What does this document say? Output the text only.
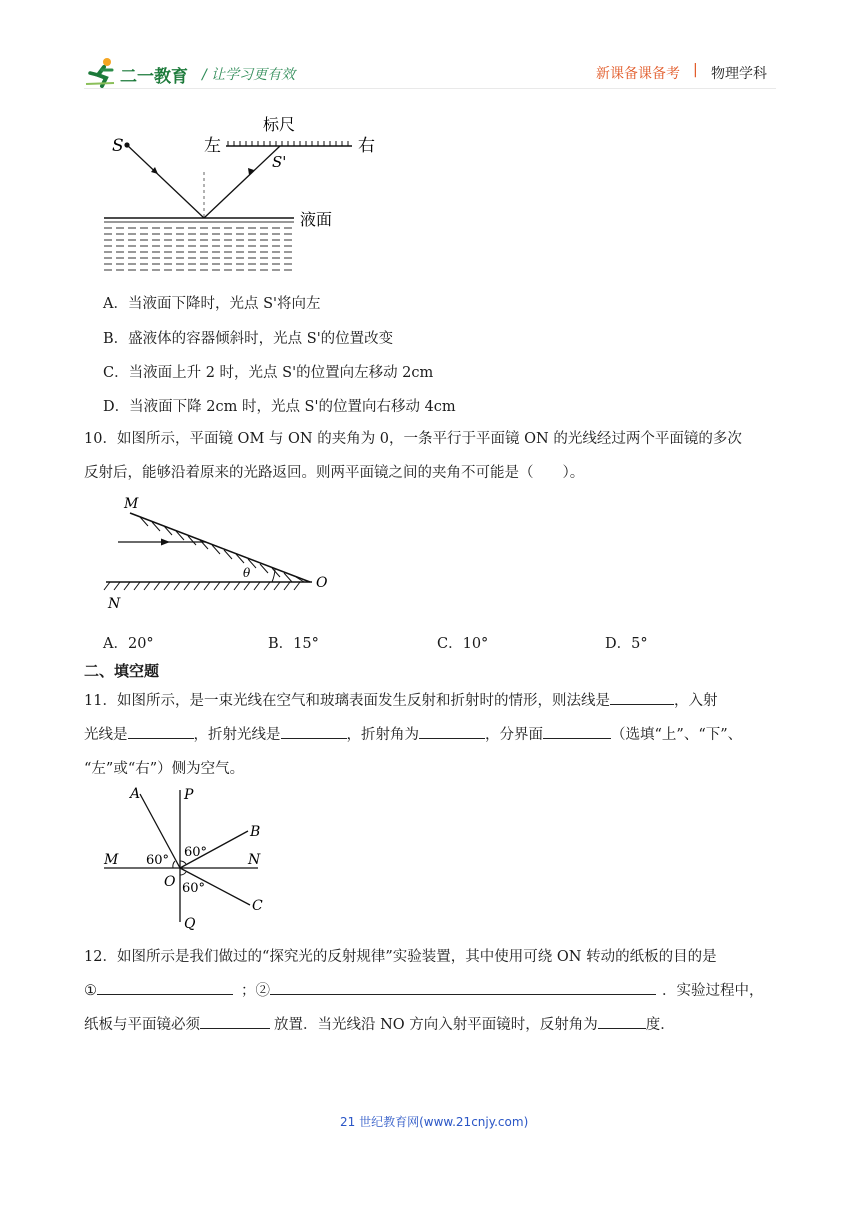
二一教育 / 让学习更有效	新课备课备考 | 物理学科
S	左
标尺
右
S'
液面
A．当液面下降时，光点 S'将向左
B．盛液体的容器倾斜时，光点 S'的位置改变
C．当液面上升 2 时，光点 S'的位置向左移动 2cm
D．当液面下降 2cm 时，光点 S'的位置向右移动 4cm
10．如图所示，平面镜 OM 与 ON 的夹角为 0，一条平行于平面镜 ON 的光线经过两个平面镜的多次
反射后，能够沿着原来的光路返回。则两平面镜之间的夹角不可能是（　　）。
M
θ
O
N
A．20°	B．15°	C．10°	D．5°
二、填空题
11．如图所示，是一束光线在空气和玻璃表面发生反射和折射时的情形，则法线是	，入射
光线是	，折射光线是	，折射角为	，分界面	（选填“上”、“下”、
“左”或“右”）侧为空气。
A	P
B
60°
M 60°	N
O 60°
C
Q
12．如图所示是我们做过的“探究光的反射规律”实验装置，其中使用可绕 ON 转动的纸板的目的是
①	；②	．实验过程中，
纸板与平面镜必须	放置．当光线沿 NO 方向入射平面镜时，反射角为	度．
21 世纪教育网(www.21cnjy.com)
